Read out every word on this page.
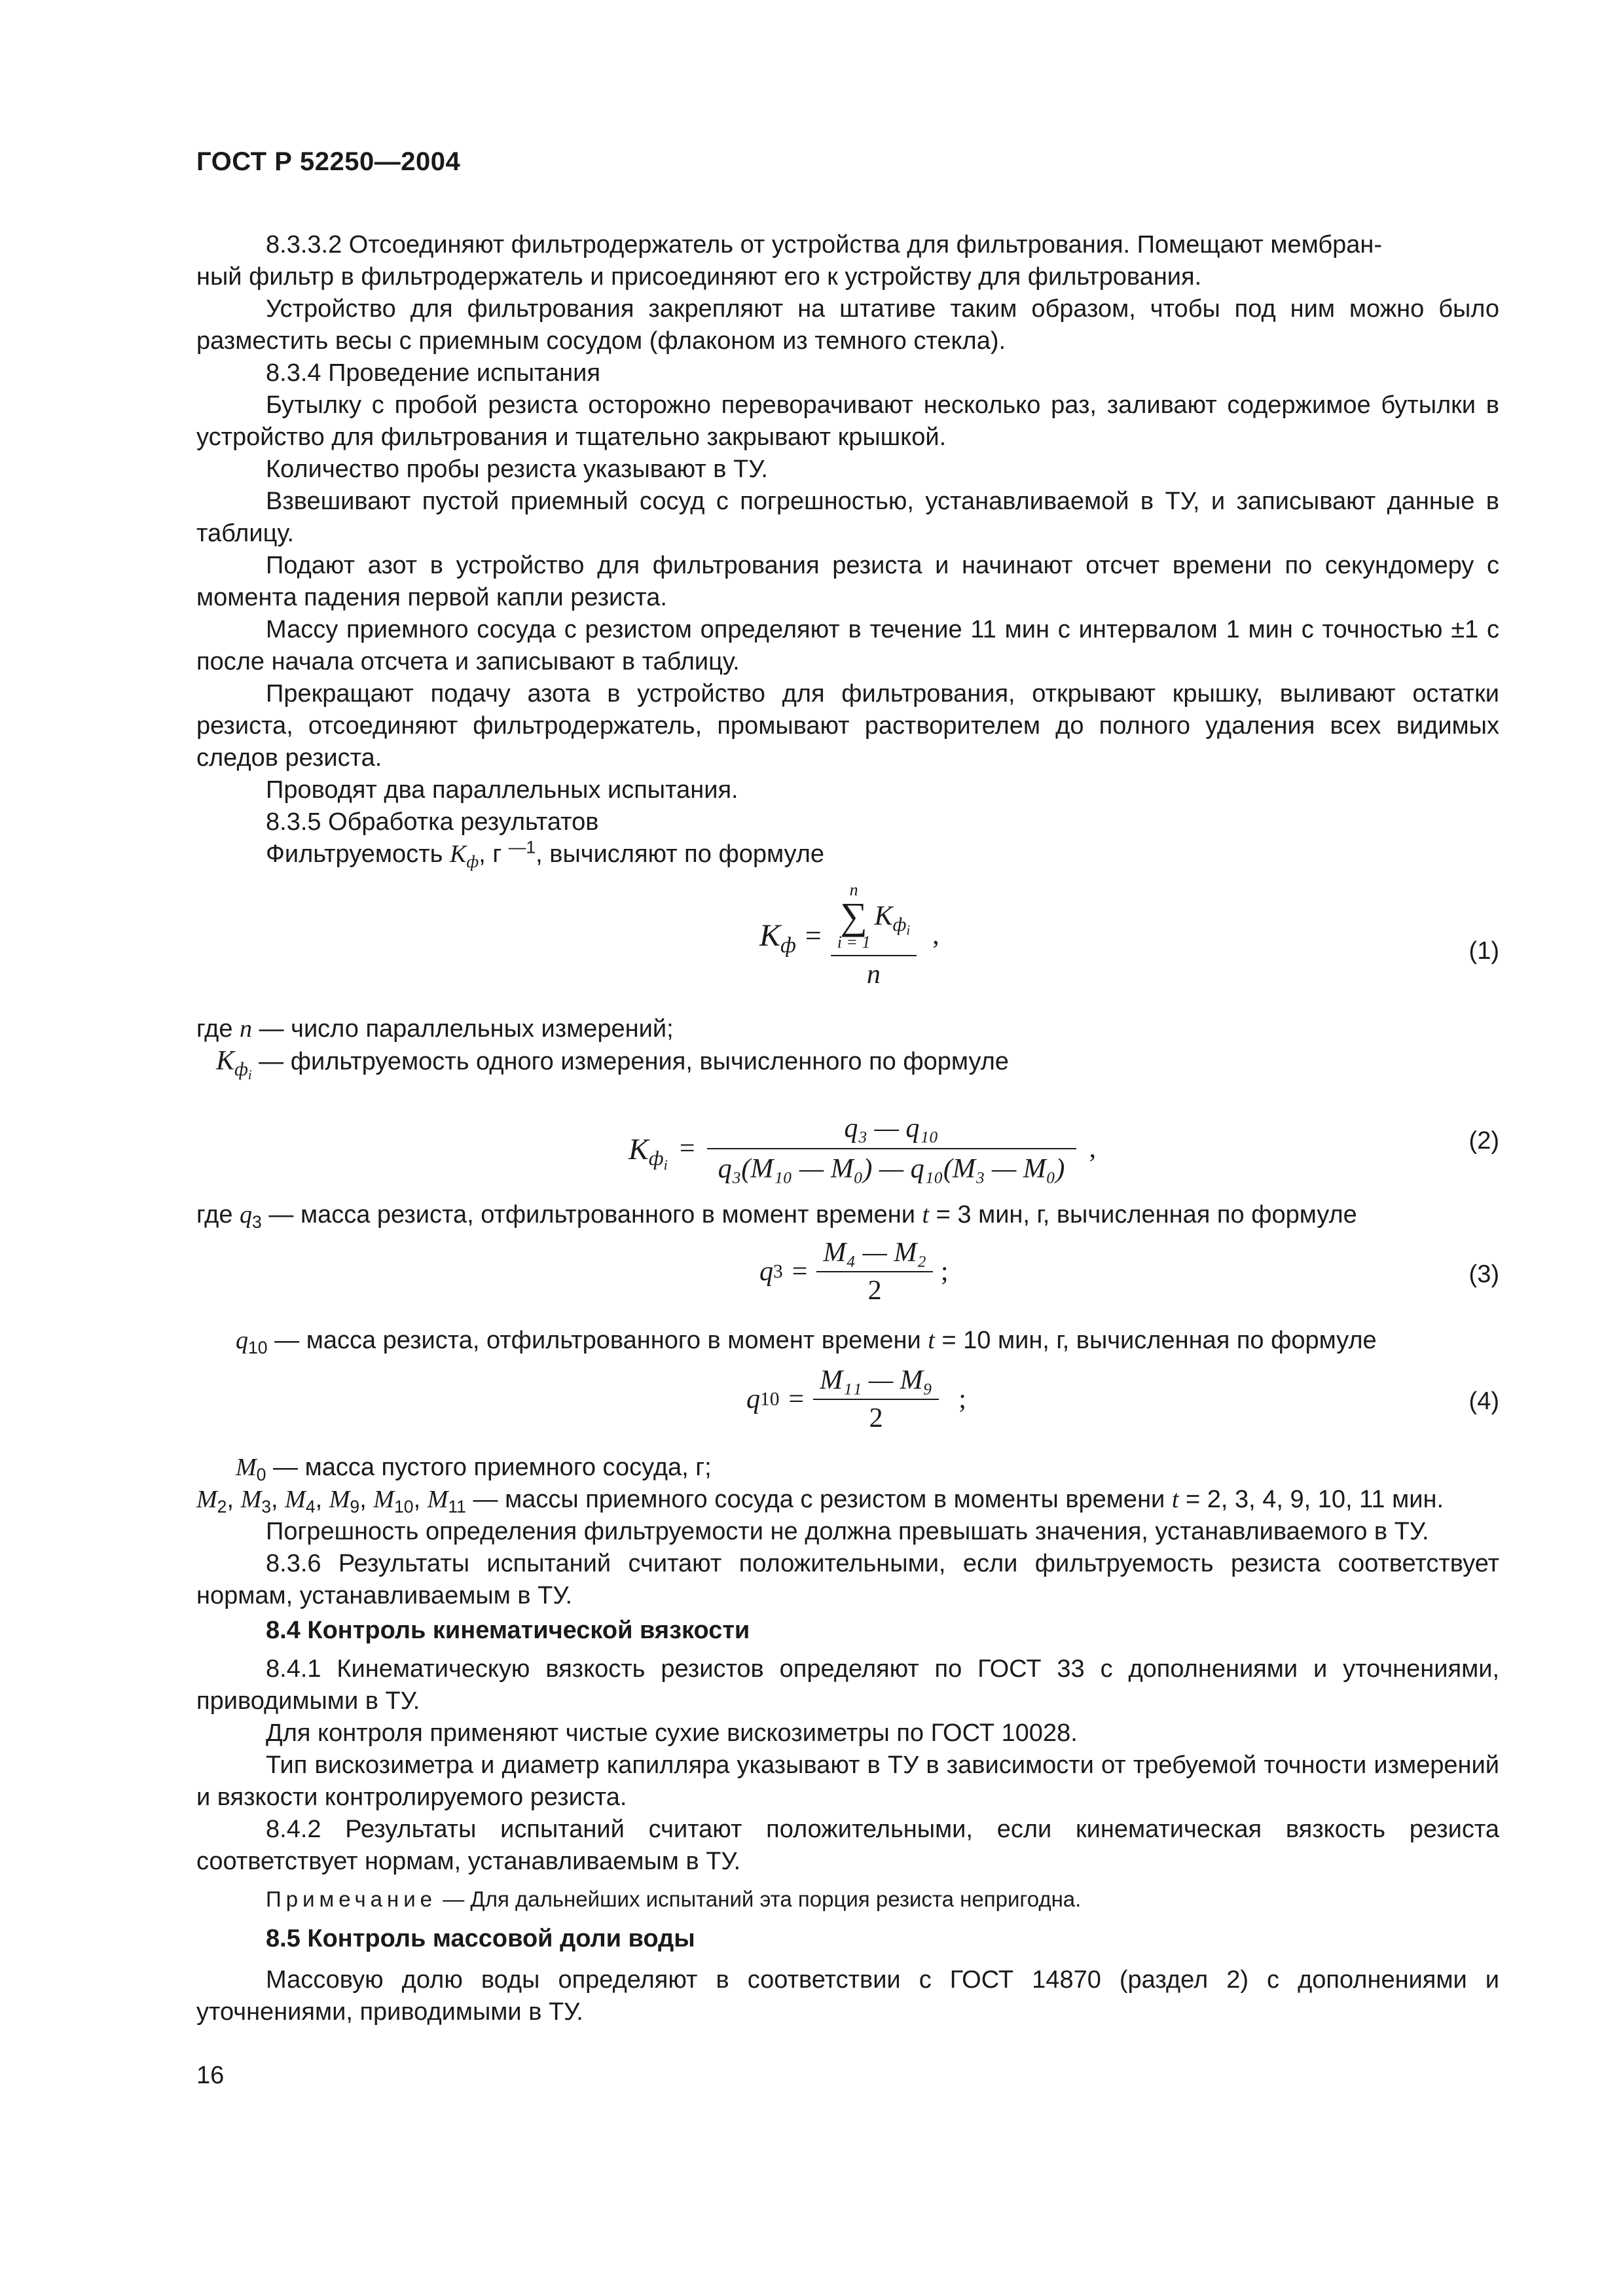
ГОСТ Р 52250—2004

8.3.3.2 Отсоединяют фильтродержатель от устройства для фильтрования. Помещают мембран-

ный фильтр в фильтродержатель и присоединяют его к устройству для фильтрования.

Устройство для фильтрования закрепляют на штативе таким образом, чтобы под ним можно было разместить весы с приемным сосудом (флаконом из темного стекла).

8.3.4 Проведение испытания

Бутылку с пробой резиста осторожно переворачивают несколько раз, заливают содержимое бутылки в устройство для фильтрования и тщательно закрывают крышкой.

Количество пробы резиста указывают в ТУ.

Взвешивают пустой приемный сосуд с погрешностью, устанавливаемой в ТУ, и записывают данные в таблицу.

Подают азот в устройство для фильтрования резиста и начинают отсчет времени по секундомеру с момента падения первой капли резиста.

Массу приемного сосуда с резистом определяют в течение 11 мин с интервалом 1 мин с точностью ±1 с после начала отсчета и записывают в таблицу.

Прекращают подачу азота в устройство для фильтрования, открывают крышку, выливают остатки резиста, отсоединяют фильтродержатель, промывают растворителем до полного удаления всех видимых следов резиста.

Проводят два параллельных испытания.

8.3.5 Обработка результатов

Фильтруемость $K_ф$, г $^{—1}$, вычисляют по формуле

$K_ф = n$
∑
i = 1
$K_{ф_i}$
n ,
(1)

где n — число параллельных измерений;

$K_{ф_i}$ — фильтруемость одного измерения, вычисленного по формуле

$K_{ф_i}$
= $\frac{\text{q₃ — q₁₀}}{\text{q₃(M₁₀ — M₀) — q₁₀(M₃ — M₀)}}$ ,	(2)

где $q_3$ — масса резиста, отфильтрованного в момент времени t = 3 мин, г, вычисленная по формуле

q $3 = \frac{\text{M₄ — M₂}}{2}$ ;	(3)

$q_{10}$ — масса резиста, отфильтрованного в момент времени t = 10 мин, г, вычисленная по формуле

q $10 = \frac{\text{M₁₁ — M₉}}{2}$ ;	(4)

$M_0$ — масса пустого приемного сосуда, г;

$M_2$, $M_3$, $M_4$, $M_9$, $M_{10}$, $M_{11}$ — массы приемного сосуда с резистом в моменты времени t = 2, 3, 4, 9, 10, 11 мин.

Погрешность определения фильтруемости не должна превышать значения, устанавливаемого в ТУ.

8.3.6 Результаты испытаний считают положительными, если фильтруемость резиста соответствует нормам, устанавливаемым в ТУ.

8.4 Контроль кинематической вязкости

8.4.1 Кинематическую вязкость резистов определяют по ГОСТ 33 с дополнениями и уточнениями, приводимыми в ТУ.

Для контроля применяют чистые сухие вискозиметры по ГОСТ 10028.

Тип вискозиметра и диаметр капилляра указывают в ТУ в зависимости от требуемой точности измерений и вязкости контролируемого резиста.

8.4.2 Результаты испытаний считают положительными, если кинематическая вязкость резиста соответствует нормам, устанавливаемым в ТУ.

Примечание — Для дальнейших испытаний эта порция резиста непригодна.

8.5 Контроль массовой доли воды

Массовую долю воды определяют в соответствии с ГОСТ 14870 (раздел 2) с дополнениями и уточнениями, приводимыми в ТУ.

16
